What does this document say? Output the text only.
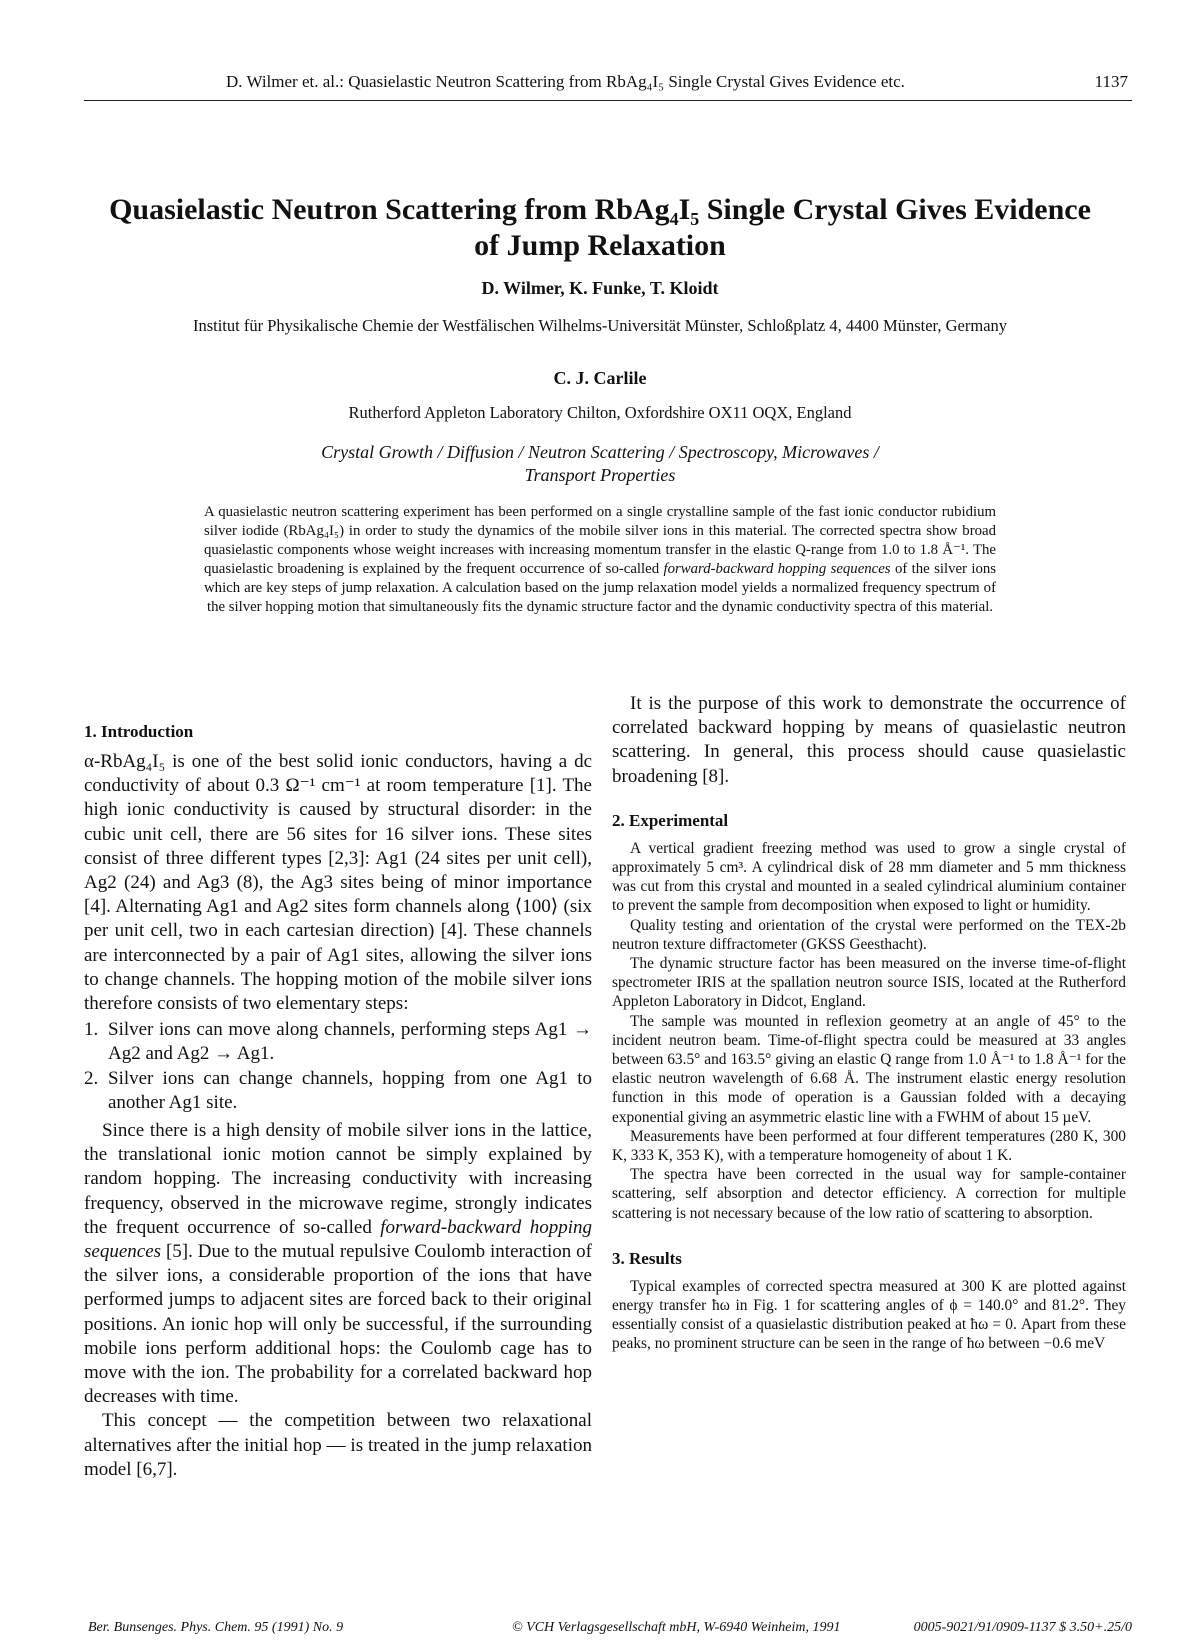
D. Wilmer et. al.: Quasielastic Neutron Scattering from RbAg₄I₅ Single Crystal Gives Evidence etc.	1137
Quasielastic Neutron Scattering from RbAg₄I₅ Single Crystal Gives Evidence
of Jump Relaxation
D. Wilmer, K. Funke, T. Kloidt
Institut für Physikalische Chemie der Westfälischen Wilhelms-Universität Münster, Schloßplatz 4, 4400 Münster, Germany
C. J. Carlile
Rutherford Appleton Laboratory Chilton, Oxfordshire OX11 OQX, England
Crystal Growth / Diffusion / Neutron Scattering / Spectroscopy, Microwaves /
Transport Properties
A quasielastic neutron scattering experiment has been performed on a single crystalline sample of the fast ionic conductor rubidium silver iodide (RbAg₄I₅) in order to study the dynamics of the mobile silver ions in this material. The corrected spectra show broad quasielastic components whose weight increases with increasing momentum transfer in the elastic Q-range from 1.0 to 1.8 Å⁻¹. The quasielastic broadening is explained by the frequent occurrence of so-called forward-backward hopping sequences of the silver ions which are key steps of jump relaxation. A calculation based on the jump relaxation model yields a normalized frequency spectrum of the silver hopping motion that simultaneously fits the dynamic structure factor and the dynamic conductivity spectra of this material.
1. Introduction

α-RbAg₄I₅ is one of the best solid ionic conductors, having a dc conductivity of about 0.3 Ω⁻¹ cm⁻¹ at room temperature [1]. The high ionic conductivity is caused by structural disorder: in the cubic unit cell, there are 56 sites for 16 silver ions. These sites consist of three different types [2,3]: Ag1 (24 sites per unit cell), Ag2 (24) and Ag3 (8), the Ag3 sites being of minor importance [4]. Alternating Ag1 and Ag2 sites form channels along ⟨100⟩ (six per unit cell, two in each cartesian direction) [4]. These channels are interconnected by a pair of Ag1 sites, allowing the silver ions to change channels. The hopping motion of the mobile silver ions therefore consists of two elementary steps:

1. Silver ions can move along channels, performing steps Ag1 → Ag2 and Ag2 → Ag1.
2. Silver ions can change channels, hopping from one Ag1 to another Ag1 site.

Since there is a high density of mobile silver ions in the lattice, the translational ionic motion cannot be simply explained by random hopping. The increasing conductivity with increasing frequency, observed in the microwave regime, strongly indicates the frequent occurrence of so-called forward-backward hopping sequences [5]. Due to the mutual repulsive Coulomb interaction of the silver ions, a considerable proportion of the ions that have performed jumps to adjacent sites are forced back to their original positions. An ionic hop will only be successful, if the surrounding mobile ions perform additional hops: the Coulomb cage has to move with the ion. The probability for a correlated backward hop decreases with time.

This concept — the competition between two relaxational alternatives after the initial hop — is treated in the jump relaxation model [6,7].

It is the purpose of this work to demonstrate the occurrence of correlated backward hopping by means of quasielastic neutron scattering. In general, this process should cause quasielastic broadening [8].

2. Experimental

A vertical gradient freezing method was used to grow a single crystal of approximately 5 cm³. A cylindrical disk of 28 mm diameter and 5 mm thickness was cut from this crystal and mounted in a sealed cylindrical aluminium container to prevent the sample from decomposition when exposed to light or humidity.

Quality testing and orientation of the crystal were performed on the TEX-2b neutron texture diffractometer (GKSS Geesthacht).

The dynamic structure factor has been measured on the inverse time-of-flight spectrometer IRIS at the spallation neutron source ISIS, located at the Rutherford Appleton Laboratory in Didcot, England.

The sample was mounted in reflexion geometry at an angle of 45° to the incident neutron beam. Time-of-flight spectra could be measured at 33 angles between 63.5° and 163.5° giving an elastic Q range from 1.0 Å⁻¹ to 1.8 Å⁻¹ for the elastic neutron wavelength of 6.68 Å. The instrument elastic energy resolution function in this mode of operation is a Gaussian folded with a decaying exponential giving an asymmetric elastic line with a FWHM of about 15 µeV.

Measurements have been performed at four different temperatures (280 K, 300 K, 333 K, 353 K), with a temperature homogeneity of about 1 K.

The spectra have been corrected in the usual way for sample-container scattering, self absorption and detector efficiency. A correction for multiple scattering is not necessary because of the low ratio of scattering to absorption.

3. Results

Typical examples of corrected spectra measured at 300 K are plotted against energy transfer ħω in Fig. 1 for scattering angles of ϕ = 140.0° and 81.2°. They essentially consist of a quasielastic distribution peaked at ħω = 0. Apart from these peaks, no prominent structure can be seen in the range of ħω between −0.6 meV

Ber. Bunsenges. Phys. Chem. 95 (1991) No. 9	© VCH Verlagsgesellschaft mbH, W-6940 Weinheim, 1991	0005-9021/91/0909-1137 $ 3.50+.25/0
